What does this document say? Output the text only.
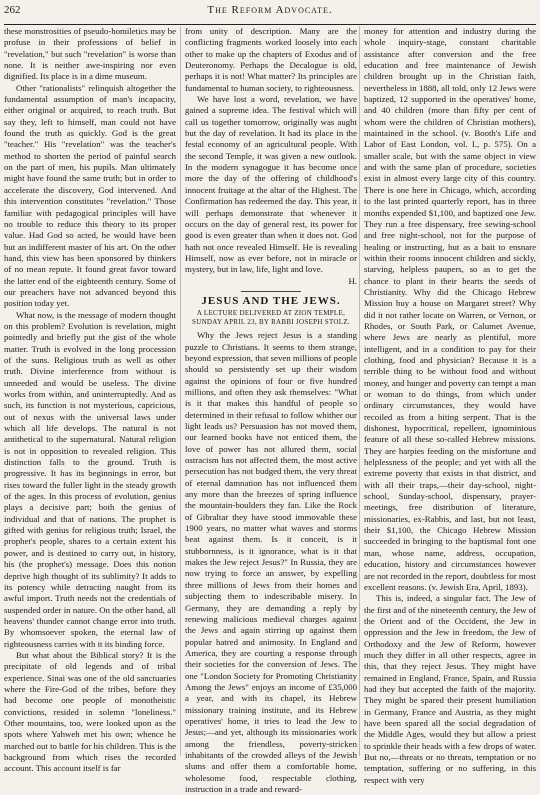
262	The Reform Advocate.

these monstrosities of pseudo-homiletics may be profuse in their professions of belief in "revelation," but such "revelation" is worse than none. It is neither awe-inspiring nor even dignified. Its place is in a dime museum.

Other "rationalists" relinquish altogether the fundamental assumption of man's incapacity, either original or acquired, to reach truth. But say they, left to himself, man could not have found the truth as quickly. God is the great "teacher." His "revelation" was the teacher's method to shorten the period of painful search on the part of men, his pupils. Man ultimately might have found the same truth; but in order to accelerate the discovery, God intervened. And this intervention constitutes "revelation." Those familiar with pedagogical principles will have no trouble to reduce this theory to its proper value. Had God so acted, he would have been but an indifferent master of his art. On the other hand, this view has been sponsored by thinkers of no mean repute. It found great favor toward the latter end of the eighteenth century. Some of our preachers have not advanced beyond this position today yet.

What now, is the message of modern thought on this problem? Evolution is revelation, might pointedly and briefly put the gist of the whole matter. Truth is evolved in the long procession of the suns. Religious truth as well as other truth. Divine interference from without is unneeded and would be useless. The divine works from within, and uninterruptedly. And as such, its function is not mysterious, capricious, out of nexus with the universal laws under which all life develops. The natural is not antithetical to the supernatural. Natural religion is not in opposition to revealed religion. This distinction falls to the ground. Truth is progressive. It has its beginnings in error, but rises toward the fuller light in the steady growth of the ages. In this process of evolution, genius plays a decisive part; both the genius of individual and that of nations. The prophet is gifted with genius for religious truth; Israel, the prophet's people, shares to a certain extent his power, and is destined to carry out, in history, his (the prophet's) message. Does this notion deprive high thought of its sublimity? It adds to its potency while detracting naught from its awful import. Truth needs not the credentials of suspended order in nature. On the other hand, all heavens' thunder cannot change error into truth. By whomsoever spoken, the eternal law of righteousness carries with it its binding force.

But what about the Biblical story? It is the precipitate of old legends and of tribal experience. Sinai was one of the old sanctuaries where the Fire-God of the tribes, before they had become one people of monotheistic convictions, resided in solemn "loneliness." Other mountains, too, were looked upon as the spots where Yahweh met his own; whence he marched out to battle for his children. This is the background from which rises the recorded account. This account itself is far

from unity of description. Many are the conflicting fragments worked loosely into each other to make up the chapters of Exodus and of Deuteronomy. Perhaps the Decalogue is old, perhaps it is not! What matter? Its principles are fundamental to human society, to righteousness.

We have lost a word, revelation, we have gained a supreme idea. The festival which will call us together tomorrow, originally was aught but the day of revelation. It had its place in the festal economy of an agricultural people. With the second Temple, it was given a new outlook. In the modern synagogue it has become once more the day of the offering of childhood's innocent fruitage at the altar of the Highest. The Confirmation has redeemed the day. This year, it will perhaps demonstrate that whenever it occurs on the day of general rest, its power for good is even greater than when it does not. God hath not once revealed Himself. He is revealing Himself, now as ever before, not in miracle or mystery, but in law, life, light and love.

H.

JESUS AND THE JEWS.
A LECTURE DELIVERED AT ZION TEMPLE, SUNDAY APRIL 23, BY RABBI JOSEPH STOLZ.

Why the Jews reject Jesus is a standing puzzle to Christians. It seems to them strange, beyond expression, that seven millions of people should so persistently set up their wisdom against the opinions of four or five hundred millions, and often they ask themselves: "What is it that makes this handful of people so determined in their refusal to follow whither our light leads us? Persuasion has not moved them, our learned books have not enticed them, the love of power has not allured them, social ostracism has not affected them, the most active persecution has not budged them, the very threat of eternal damnation has not influenced them any more than the breezes of spring influence the mountain-boulders they fan. Like the Rock of Gibraltar they have stood immovable these 1900 years, no matter what waves and storms beat against them. Is it conceit, is it stubbornness, is it ignorance, what is it that makes the Jew reject Jesus?" In Russia, they are now trying to force an answer, by expelling three millions of Jews from their homes and subjecting them to indescribable misery. In Germany, they are demanding a reply by renewing malicious medieval charges against the Jews and again stirring up against them popular hatred and animosity. In England and America, they are courting a response through their societies for the conversion of Jews. The one "London Society for Promoting Christianity Among the Jews" enjoys an income of £35,000 a year, and with its chapel, its Hebrew missionary training institute, and its Hebrew operatives' home, it tries to lead the Jew to Jesus;—and yet, although its missionaries work among the friendless, poverty-stricken inhabitants of the crowded alleys of the Jewish slums and offer them a comfortable home, wholesome food, respectable clothing, instruction in a trade and reward-

money for attention and industry during the whole inquiry-stage, constant charitable assistance after conversion and the free education and free maintenance of Jewish children brought up in the Christian faith, nevertheless in 1888, all told, only 12 Jews were baptized, 12 supported in the operatives' home, and 40 children (more than fifty per cent of whom were the children of Christian mothers), maintained in the school. (v. Booth's Life and Labor of East London, vol. I., p. 575). On a smaller scale, but with the same object in view and with the same plan of procedure, societies exist in almost every large city of this country. There is one here in Chicago, which, according to the last printed quarterly report, has in three months expended $1,100, and baptized one Jew. They run a free dispensary, free sewing-school and free night-school, not for the purpose of healing or instructing, but as a bait to ensnare within their rooms innocent children and sickly, starving, helpless paupers, so as to get the chance to plant in their hearts the seeds of Christianity. Why did the Chicago Hebrew Mission buy a house on Margaret street? Why did it not rather locate on Warren, or Vernon, or Rhodes, or South Park, or Calumet Avenue, where Jews are nearly as plentiful, more intelligent, and in a condition to pay for their clothing, food and physician? Because it is a terrible thing to be without food and without money, and hunger and poverty can tempt a man or woman to do things, from which under ordinary circumstances, they would have recoiled as from a biting serpent. That is the dishonest, hypocritical, repellent, ignominious feature of all these so-called Hebrew missions. They are harpies feeding on the misfortune and helplessness of the people; and yet with all the extreme poverty that exists in that district, and with all their traps,—their day-school, night-school, Sunday-school, dispensary, prayer-meetings, free distribution of literature, missionaries, ex-Rabbis, and last, but not least, their $1,100, the Chicago Hebrew Mission succeeded in bringing to the baptismal font one man, whose name, address, occupation, education, history and circumstances however are not recorded in the report, doubtless for most excellent reasons. (v. Jewish Era, April, 1893).

This is, indeed, a singular fact. The Jew of the first and of the nineteenth century, the Jew of the Orient and of the Occident, the Jew in oppression and the Jew in freedom, the Jew of Orthodoxy and the Jew of Reform, however much they differ in all other respects, agree in this, that they reject Jesus. They might have remained in England, France, Spain, and Russia had they but accepted the faith of the majority. They might be spared their present humiliation in Germany, France and Austria, as they might have been spared all the social degradation of the Middle Ages, would they but allow a priest to sprinkle their heads with a few drops of water. But no,—threats or no threats, temptation or no temptation, suffering or no suffering, in this respect with very
